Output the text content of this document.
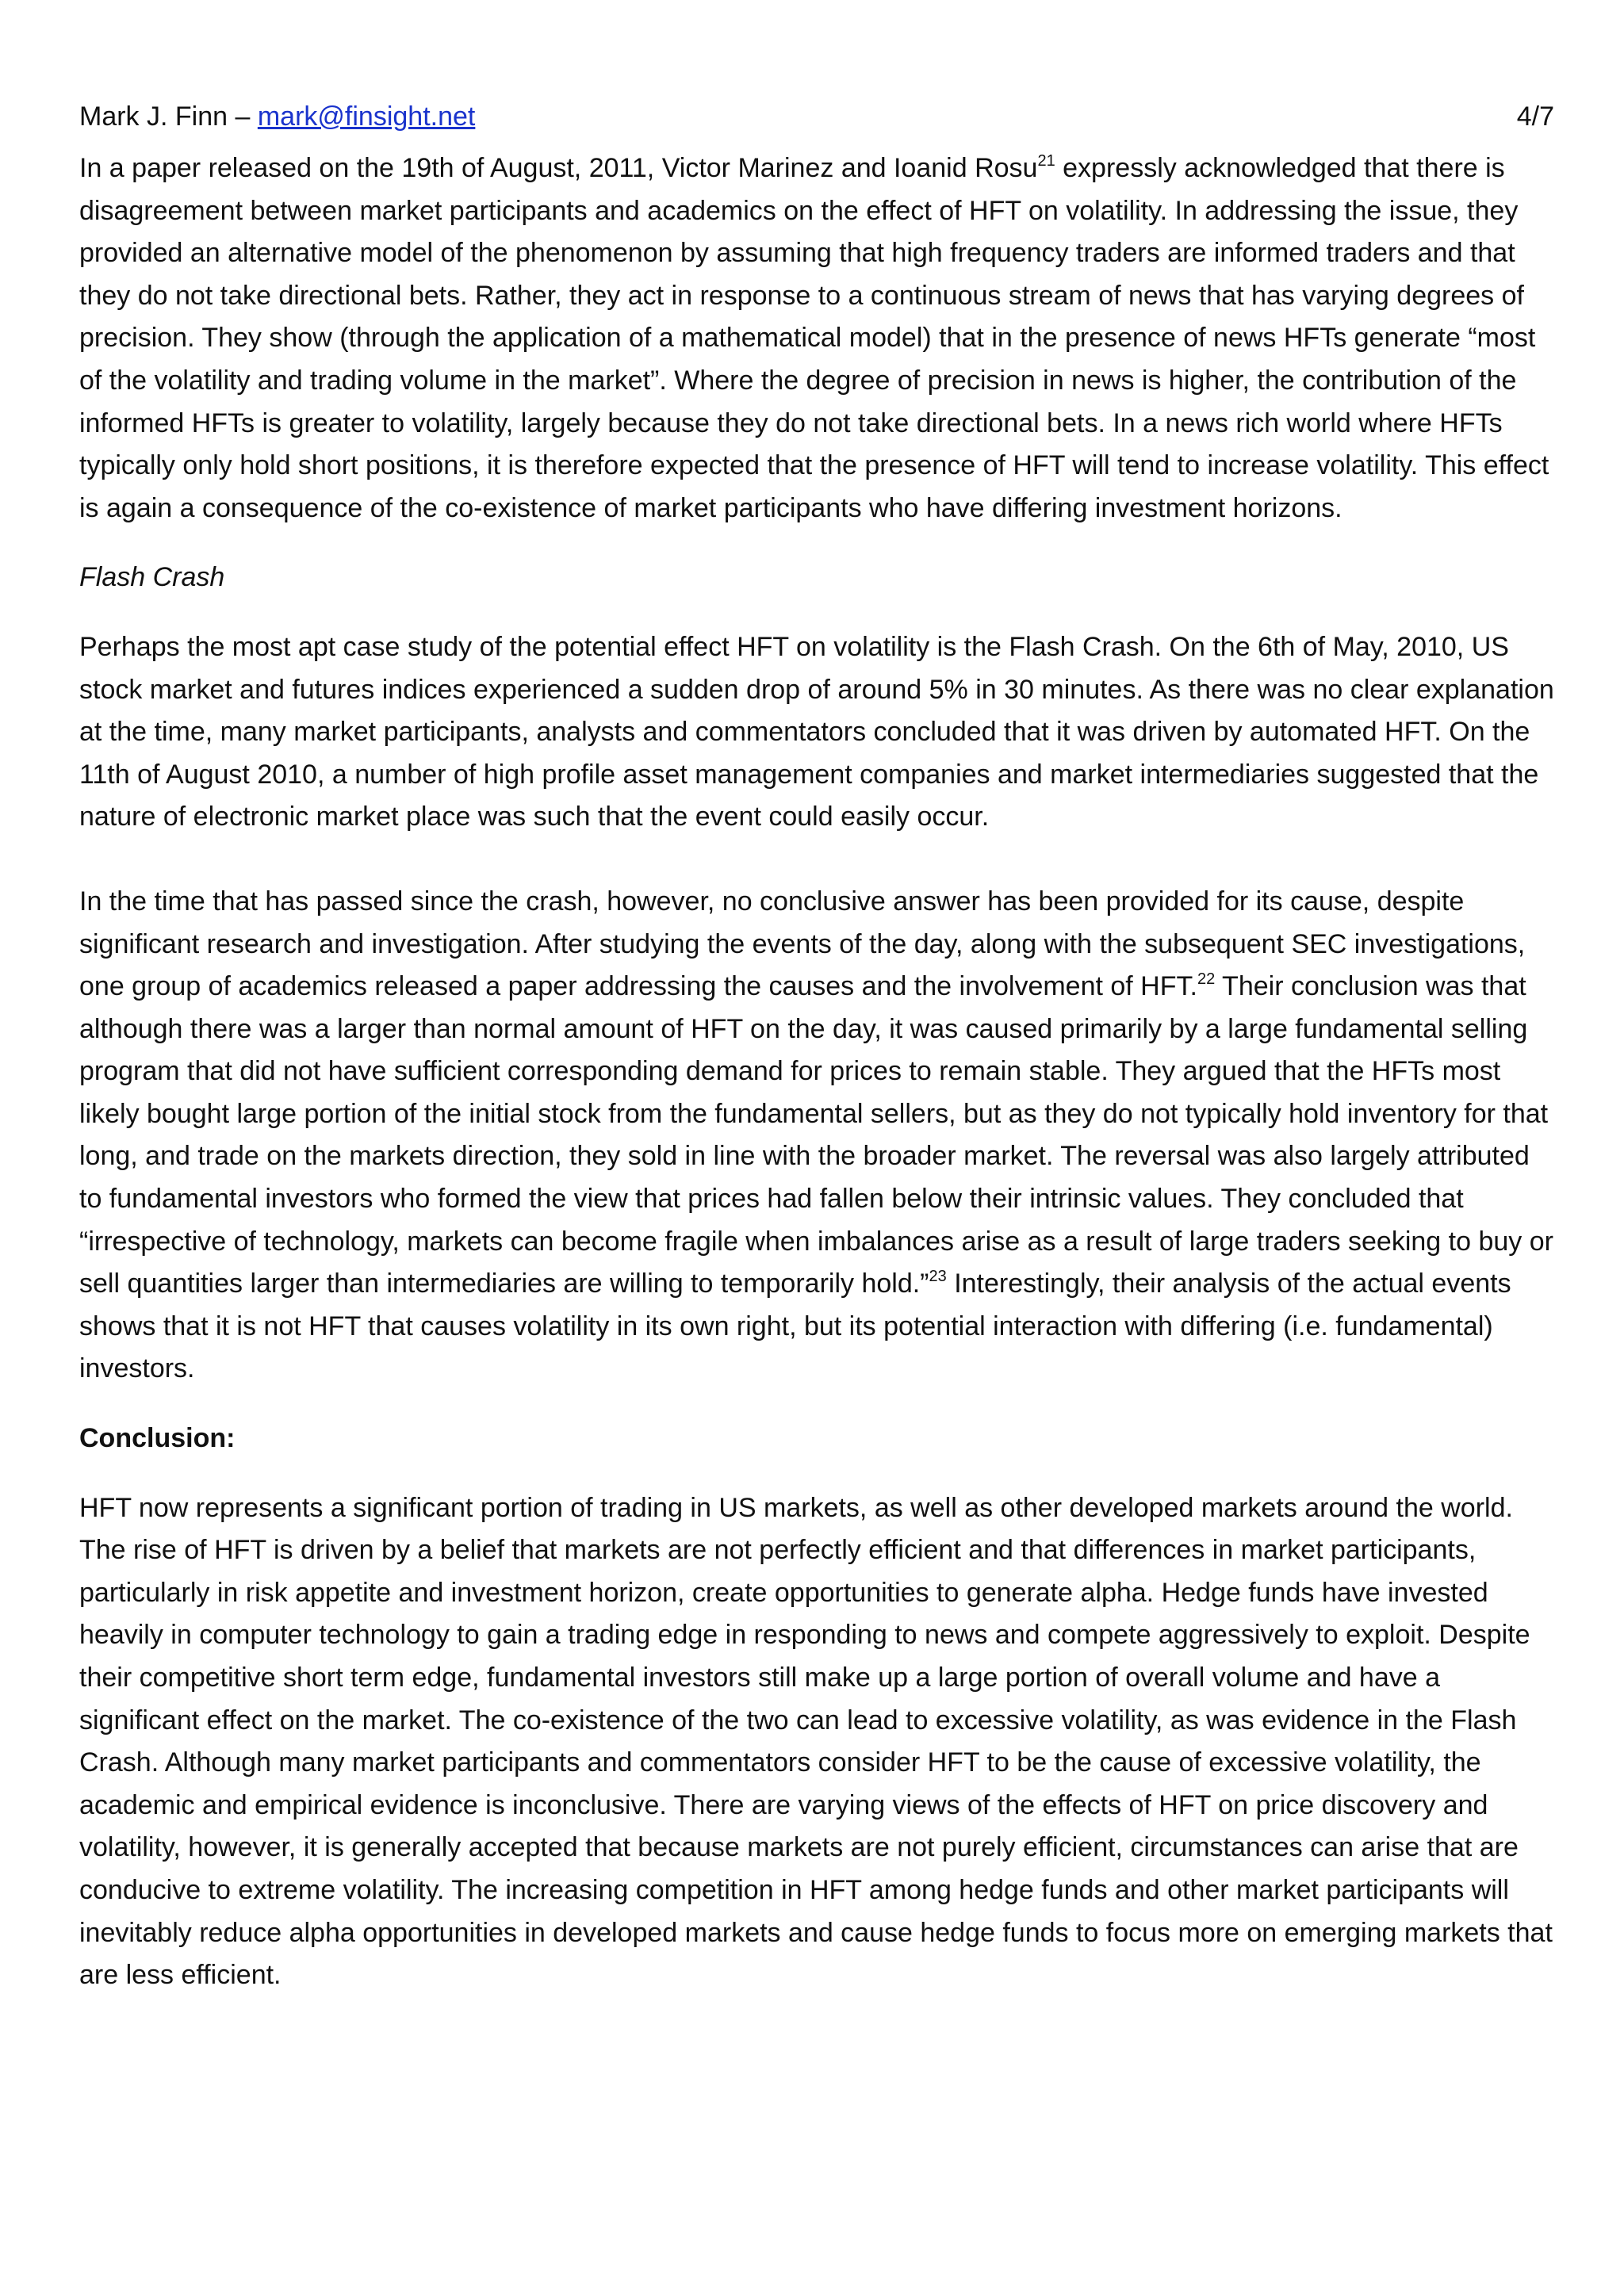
Mark J. Finn – mark@finsight.net	4/7

In a paper released on the 19th of August, 2011, Victor Marinez and Ioanid Rosu$^{21}$ expressly acknowledged that there is disagreement between market participants and academics on the effect of HFT on volatility. In addressing the issue, they provided an alternative model of the phenomenon by assuming that high frequency traders are informed traders and that they do not take directional bets. Rather, they act in response to a continuous stream of news that has varying degrees of precision. They show (through the application of a mathematical model) that in the presence of news HFTs generate “most of the volatility and trading volume in the market”. Where the degree of precision in news is higher, the contribution of the informed HFTs is greater to volatility, largely because they do not take directional bets. In a news rich world where HFTs typically only hold short positions, it is therefore expected that the presence of HFT will tend to increase volatility. This effect is again a consequence of the co-existence of market participants who have differing investment horizons.

Flash Crash

Perhaps the most apt case study of the potential effect HFT on volatility is the Flash Crash. On the 6th of May, 2010, US stock market and futures indices experienced a sudden drop of around 5% in 30 minutes. As there was no clear explanation at the time, many market participants, analysts and commentators concluded that it was driven by automated HFT. On the 11th of August 2010, a number of high profile asset management companies and market intermediaries suggested that the nature of electronic market place was such that the event could easily occur.

In the time that has passed since the crash, however, no conclusive answer has been provided for its cause, despite significant research and investigation. After studying the events of the day, along with the subsequent SEC investigations, one group of academics released a paper addressing the causes and the involvement of HFT.$^{22}$ Their conclusion was that although there was a larger than normal amount of HFT on the day, it was caused primarily by a large fundamental selling program that did not have sufficient corresponding demand for prices to remain stable. They argued that the HFTs most likely bought large portion of the initial stock from the fundamental sellers, but as they do not typically hold inventory for that long, and trade on the markets direction, they sold in line with the broader market. The reversal was also largely attributed to fundamental investors who formed the view that prices had fallen below their intrinsic values. They concluded that “irrespective of technology, markets can become fragile when imbalances arise as a result of large traders seeking to buy or sell quantities larger than intermediaries are willing to temporarily hold.”$^{23}$ Interestingly, their analysis of the actual events shows that it is not HFT that causes volatility in its own right, but its potential interaction with differing (i.e. fundamental) investors.

Conclusion:

HFT now represents a significant portion of trading in US markets, as well as other developed markets around the world. The rise of HFT is driven by a belief that markets are not perfectly efficient and that differences in market participants, particularly in risk appetite and investment horizon, create opportunities to generate alpha. Hedge funds have invested heavily in computer technology to gain a trading edge in responding to news and compete aggressively to exploit. Despite their competitive short term edge, fundamental investors still make up a large portion of overall volume and have a significant effect on the market. The co-existence of the two can lead to excessive volatility, as was evidence in the Flash Crash. Although many market participants and commentators consider HFT to be the cause of excessive volatility, the academic and empirical evidence is inconclusive. There are varying views of the effects of HFT on price discovery and volatility, however, it is generally accepted that because markets are not purely efficient, circumstances can arise that are conducive to extreme volatility. The increasing competition in HFT among hedge funds and other market participants will inevitably reduce alpha opportunities in developed markets and cause hedge funds to focus more on emerging markets that are less efficient.
